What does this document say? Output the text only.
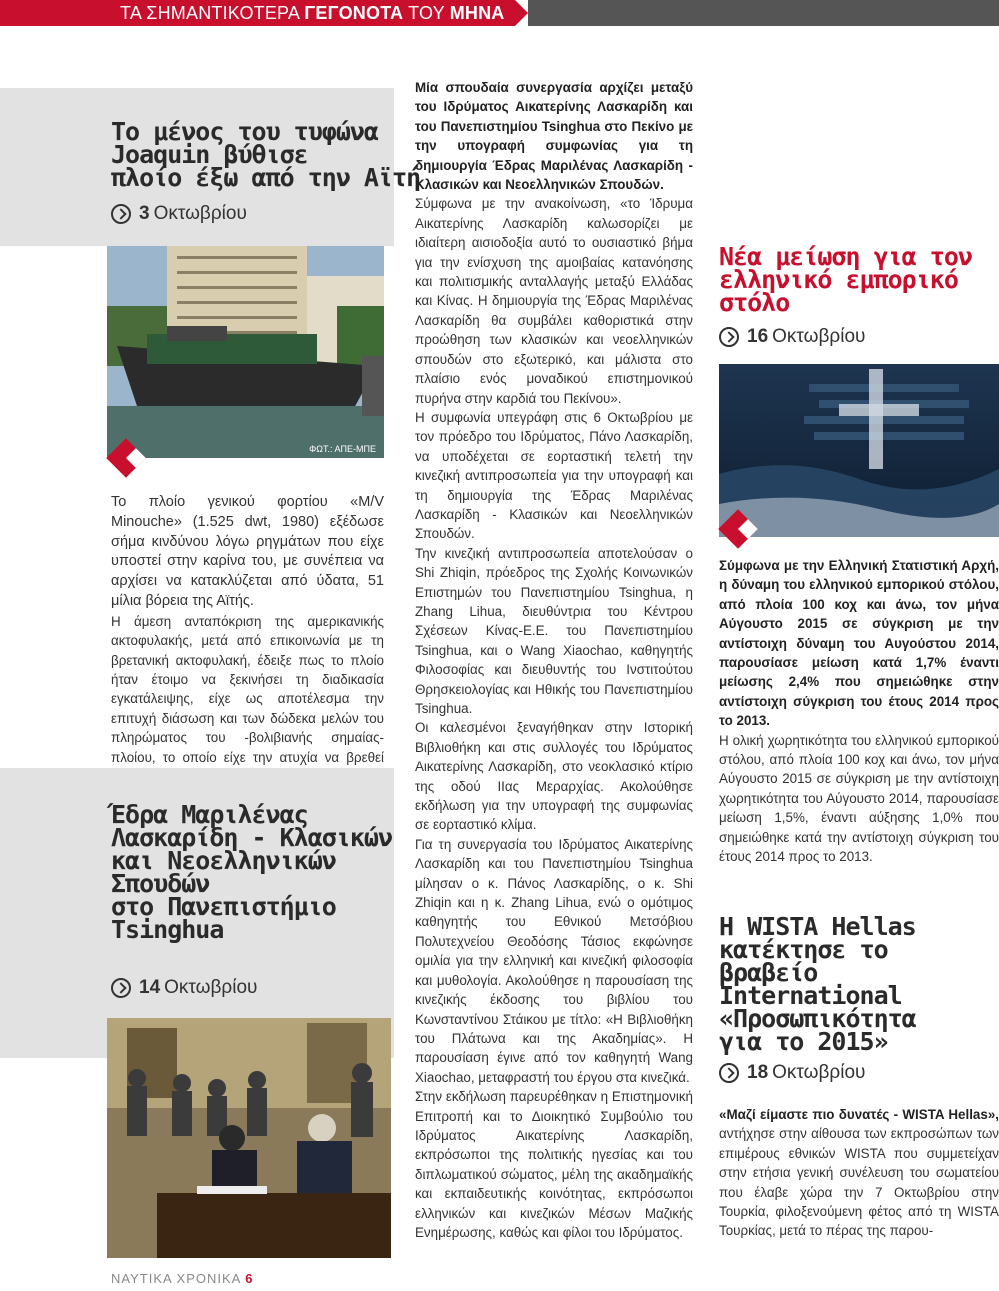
ΤΑ ΣΗΜΑΝΤΙΚΟΤΕΡΑ ΓΕΓΟΝΟΤΑ ΤΟΥ ΜΗΝΑ
Το μένος του τυφώνα
Joaquin βύθισε
πλοίο έξω από την Αϊτή
3 Οκτωβρίου
ΦΩΤ.: ΑΠΕ-ΜΠΕ

Το πλοίο γενικού φορτίου «M/V Minouche» (1.525 dwt, 1980) εξέδωσε σήμα κινδύνου λόγω ρηγμάτων που είχε υποστεί στην καρίνα του, με συνέπεια να αρχίσει να κατακλύζεται από ύδατα, 51 μίλια βόρεια της Αϊτής.

Η άμεση ανταπόκριση της αμερικανικής ακτοφυλακής, μετά από επικοινωνία με τη βρετανική ακτοφυλακή, έδειξε πως το πλοίο ήταν έτοιμο να ξεκινήσει τη διαδικασία εγκατάλειψης, είχε ως αποτέλεσμα την επιτυχή διάσωση και των δώδεκα μελών του πληρώματος του -βολιβιανής σημαίας- πλοίου, το οποίο είχε την ατυχία να βρεθεί

Έδρα Μαριλένας
Λασκαρίδη - Κλασικών
και Νεοελληνικών
Σπουδών
στο Πανεπιστήμιο
Tsinghua
14 Οκτωβρίου

Μία σπουδαία συνεργασία αρχίζει μεταξύ του Ιδρύματος Αικατερίνης Λασκαρίδη και του Πανεπιστημίου Tsinghua στο Πεκίνο με την υπογραφή συμφωνίας για τη δημιουργία Έδρας Μαριλένας Λασκαρίδη - Κλασικών και Νεοελληνικών Σπουδών.

Σύμφωνα με την ανακοίνωση, «το Ίδρυμα Αικατερίνης Λασκαρίδη καλωσορίζει με ιδιαίτερη αισιοδοξία αυτό το ουσιαστικό βήμα για την ενίσχυση της αμοιβαίας κατανόησης και πολιτισμικής ανταλλαγής μεταξύ Ελλάδας και Κίνας. Η δημιουργία της Έδρας Μαριλένας Λασκαρίδη θα συμβάλει καθοριστικά στην προώθηση των κλασικών και νεοελληνικών σπουδών στο εξωτερικό, και μάλιστα στο πλαίσιο ενός μοναδικού επιστημονικού πυρήνα στην καρδιά του Πεκίνου».

Η συμφωνία υπεγράφη στις 6 Οκτωβρίου με τον πρόεδρο του Ιδρύματος, Πάνο Λασκαρίδη, να υποδέχεται σε εορταστική τελετή την κινεζική αντιπροσωπεία για την υπογραφή και τη δημιουργία της Έδρας Μαριλένας Λασκαρίδη - Κλασικών και Νεοελληνικών Σπουδών.

Την κινεζική αντιπροσωπεία αποτελούσαν ο Shi Zhiqin, πρόεδρος της Σχολής Κοινωνικών Επιστημών του Πανεπιστημίου Tsinghua, η Zhang Lihua, διευθύντρια του Κέντρου Σχέσεων Κίνας-Ε.Ε. του Πανεπιστημίου Tsinghua, και ο Wang Xiaochao, καθηγητής Φιλοσοφίας και διευθυντής του Ινστιτούτου Θρησκειολογίας και Ηθικής του Πανεπιστημίου Tsinghua.

Οι καλεσμένοι ξεναγήθηκαν στην Ιστορική Βιβλιοθήκη και στις συλλογές του Ιδρύματος Αικατερίνης Λασκαρίδη, στο νεοκλασικό κτίριο της οδού ΙΙας Μεραρχίας. Ακολούθησε εκδήλωση για την υπογραφή της συμφωνίας σε εορταστικό κλίμα.

Για τη συνεργασία του Ιδρύματος Αικατερίνης Λασκαρίδη και του Πανεπιστημίου Tsinghua μίλησαν ο κ. Πάνος Λασκαρίδης, ο κ. Shi Zhiqin και η κ. Zhang Lihua, ενώ ο ομότιμος καθηγητής του Εθνικού Μετσόβιου Πολυτεχνείου Θεοδόσης Τάσιος εκφώνησε ομιλία για την ελληνική και κινεζική φιλοσοφία και μυθολογία. Ακολούθησε η παρουσίαση της κινεζικής έκδοσης του βιβλίου του Κωνσταντίνου Στάικου με τίτλο: «Η Βιβλιοθήκη του Πλάτωνα και της Ακαδημίας». Η παρουσίαση έγινε από τον καθηγητή Wang Xiaochao, μεταφραστή του έργου στα κινεζικά.

Στην εκδήλωση παρευρέθηκαν η Επιστημονική Επιτροπή και το Διοικητικό Συμβούλιο του Ιδρύματος Αικατερίνης Λασκαρίδη, εκπρόσωποι της πολιτικής ηγεσίας και του διπλωματικού σώματος, μέλη της ακαδημαϊκής και εκπαιδευτικής κοινότητας, εκπρόσωποι ελληνικών και κινεζικών Μέσων Μαζικής Ενημέρωσης, καθώς και φίλοι του Ιδρύματος.

Νέα μείωση για τον
ελληνικό εμπορικό
στόλο
16 Οκτωβρίου

Σύμφωνα με την Ελληνική Στατιστική Αρχή, η δύναμη του ελληνικού εμπορικού στόλου, από πλοία 100 κοχ και άνω, τον μήνα Αύγουστο 2015 σε σύγκριση με την αντίστοιχη δύναμη του Αυγούστου 2014, παρουσίασε μείωση κατά 1,7% έναντι μείωσης 2,4% που σημειώθηκε στην αντίστοιχη σύγκριση του έτους 2014 προς το 2013.

Η ολική χωρητικότητα του ελληνικού εμπορικού στόλου, από πλοία 100 κοχ και άνω, τον μήνα Αύγουστο 2015 σε σύγκριση με την αντίστοιχη χωρητικότητα του Αύγουστο 2014, παρουσίασε μείωση 1,5%, έναντι αύξησης 1,0% που σημειώθηκε κατά την αντίστοιχη σύγκριση του έτους 2014 προς το 2013.

Η WISTA Hellas
κατέκτησε το βραβείο
International
«Προσωπικότητα
για το 2015»
18 Οκτωβρίου

«Μαζί είμαστε πιο δυνατές - WISTA Hellas», αντήχησε στην αίθουσα των εκπροσώπων των επιμέρους εθνικών WISTA που συμμετείχαν στην ετήσια γενική συνέλευση του σωματείου που έλαβε χώρα την 7 Οκτωβρίου στην Τουρκία, φιλοξενούμενη φέτος από τη WISTA Τουρκίας, μετά το πέρας της παρου-

ΝΑΥΤΙΚΑ ΧΡΟΝΙΚΑ 6
